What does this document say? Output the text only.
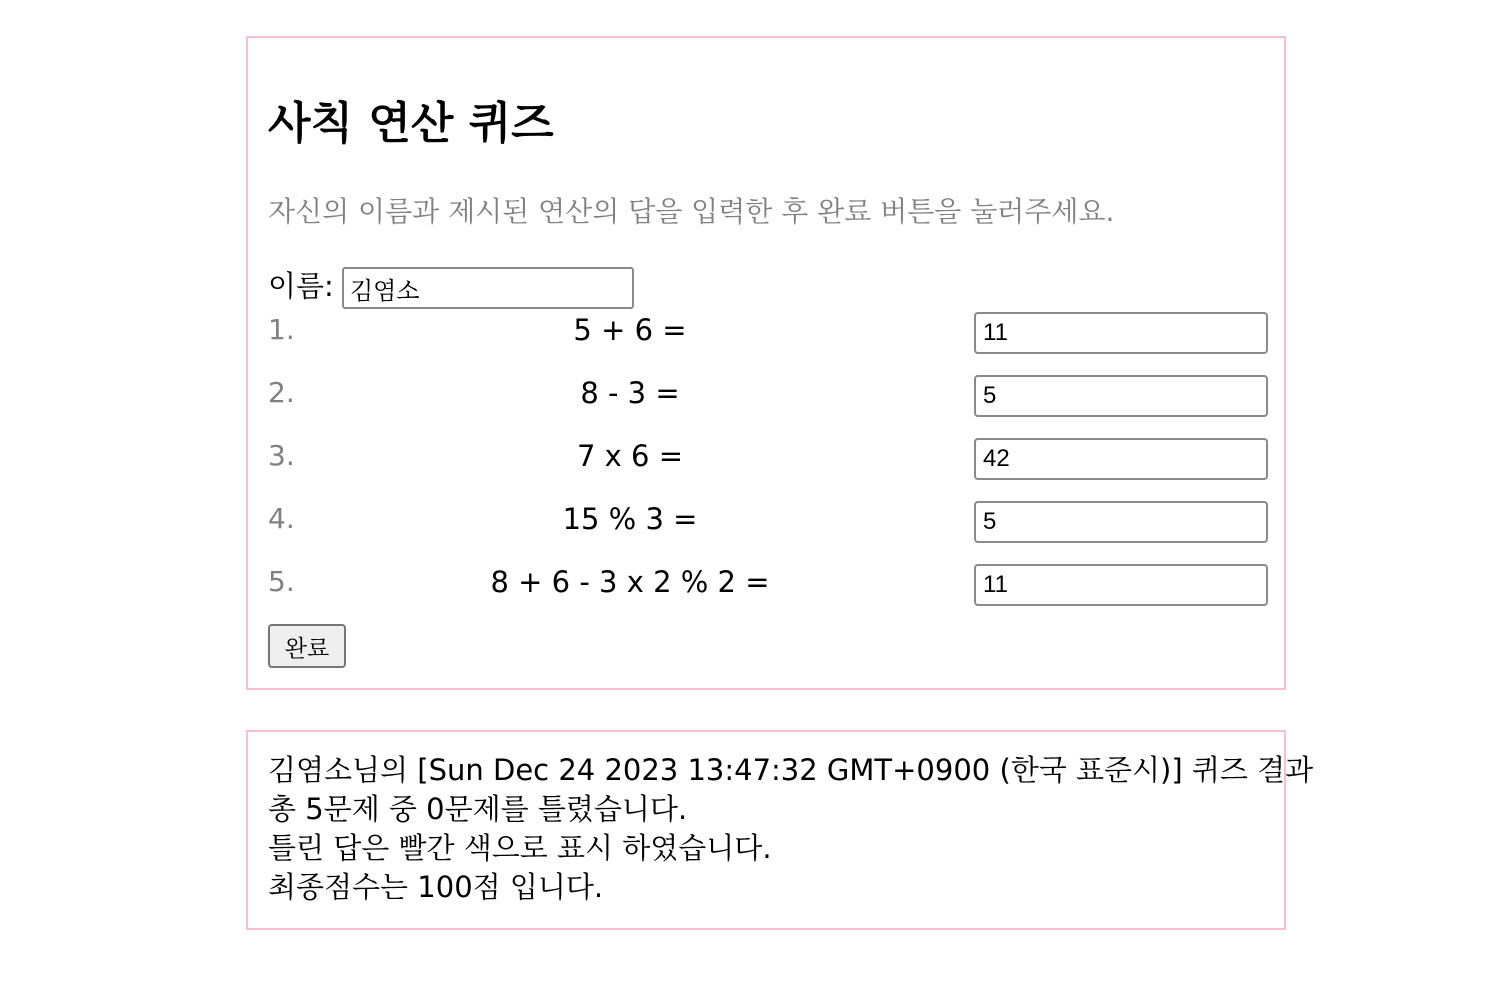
사칙 연산 퀴즈

자신의 이름과 제시된 연산의 답을 입력한 후 완료 버튼을 눌러주세요.

이름:
김염소
1.	5 + 6 =
11
2.	8 - 3 =
5
3.	7 x 6 =
42
4.	15 % 3 =
5
5.	8 + 6 - 3 x 2 % 2 =
11
완료
김염소님의 [Sun Dec 24 2023 13:47:32 GMT+0900 (한국 표준시)] 퀴즈 결과
총 5문제 중 0문제를 틀렸습니다.
틀린 답은 빨간 색으로 표시 하였습니다.
최종점수는 100점 입니다.
